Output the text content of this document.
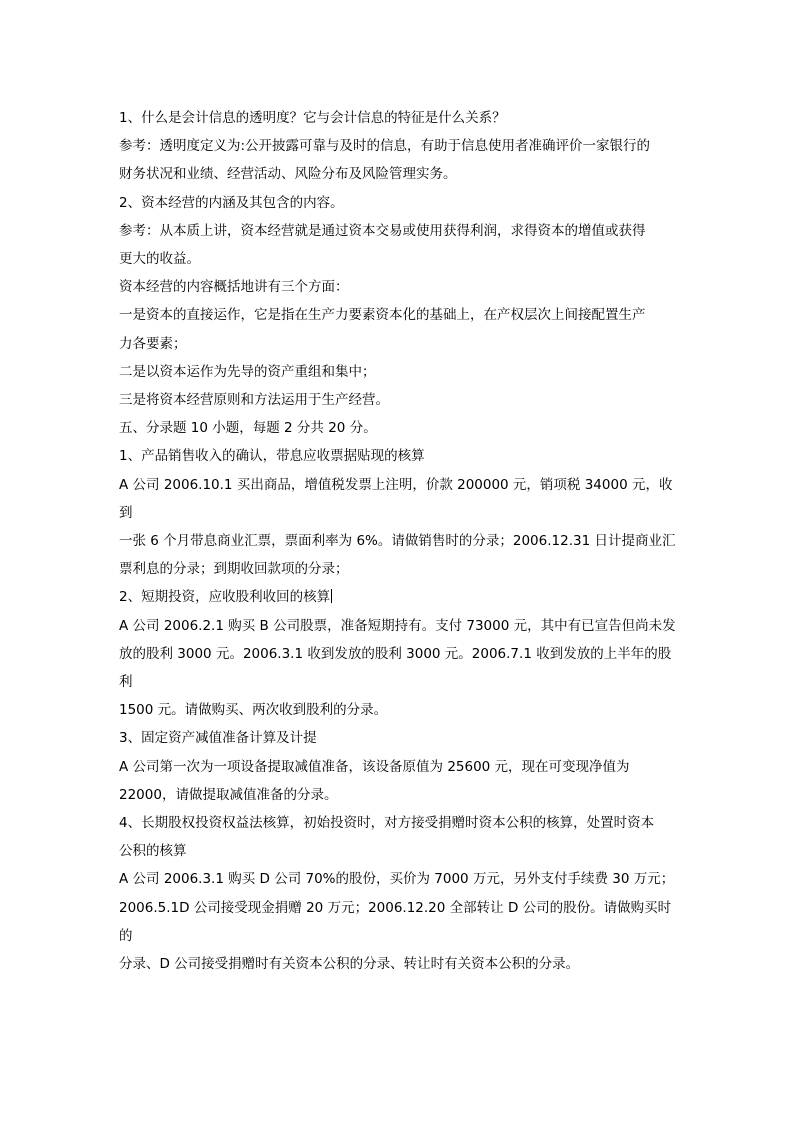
1、什么是会计信息的透明度？它与会计信息的特征是什么关系？

参考：透明度定义为:公开披露可靠与及时的信息，有助于信息使用者准确评价一家银行的

财务状况和业绩、经营活动、风险分布及风险管理实务。

2、资本经营的内涵及其包含的内容。

参考：从本质上讲，资本经营就是通过资本交易或使用获得利润，求得资本的增值或获得

更大的收益。

资本经营的内容概括地讲有三个方面：

一是资本的直接运作，它是指在生产力要素资本化的基础上，在产权层次上间接配置生产

力各要素；

二是以资本运作为先导的资产重组和集中；

三是将资本经营原则和方法运用于生产经营。

五、分录题 10 小题，每题 2 分共 20 分。

1、产品销售收入的确认，带息应收票据贴现的核算

A 公司 2006.10.1 买出商品，增值税发票上注明，价款 200000 元，销项税 34000 元，收到

一张 6 个月带息商业汇票，票面利率为 6%。请做销售时的分录；2006.12.31 日计提商业汇

票利息的分录；到期收回款项的分录；

2、短期投资，应收股利收回的核算

A 公司 2006.2.1 购买 B 公司股票，准备短期持有。支付 73000 元，其中有已宣告但尚未发

放的股利 3000 元。2006.3.1 收到发放的股利 3000 元。2006.7.1 收到发放的上半年的股利

1500 元。请做购买、两次收到股利的分录。

3、固定资产减值准备计算及计提

A 公司第一次为一项设备提取减值准备，该设备原值为 25600 元，现在可变现净值为

22000，请做提取减值准备的分录。

4、长期股权投资权益法核算，初始投资时，对方接受捐赠时资本公积的核算，处置时资本

公积的核算

A 公司 2006.3.1 购买 D 公司 70%的股份，买价为 7000 万元，另外支付手续费 30 万元；

2006.5.1D 公司接受现金捐赠 20 万元；2006.12.20 全部转让 D 公司的股份。请做购买时的

分录、D 公司接受捐赠时有关资本公积的分录、转让时有关资本公积的分录。
